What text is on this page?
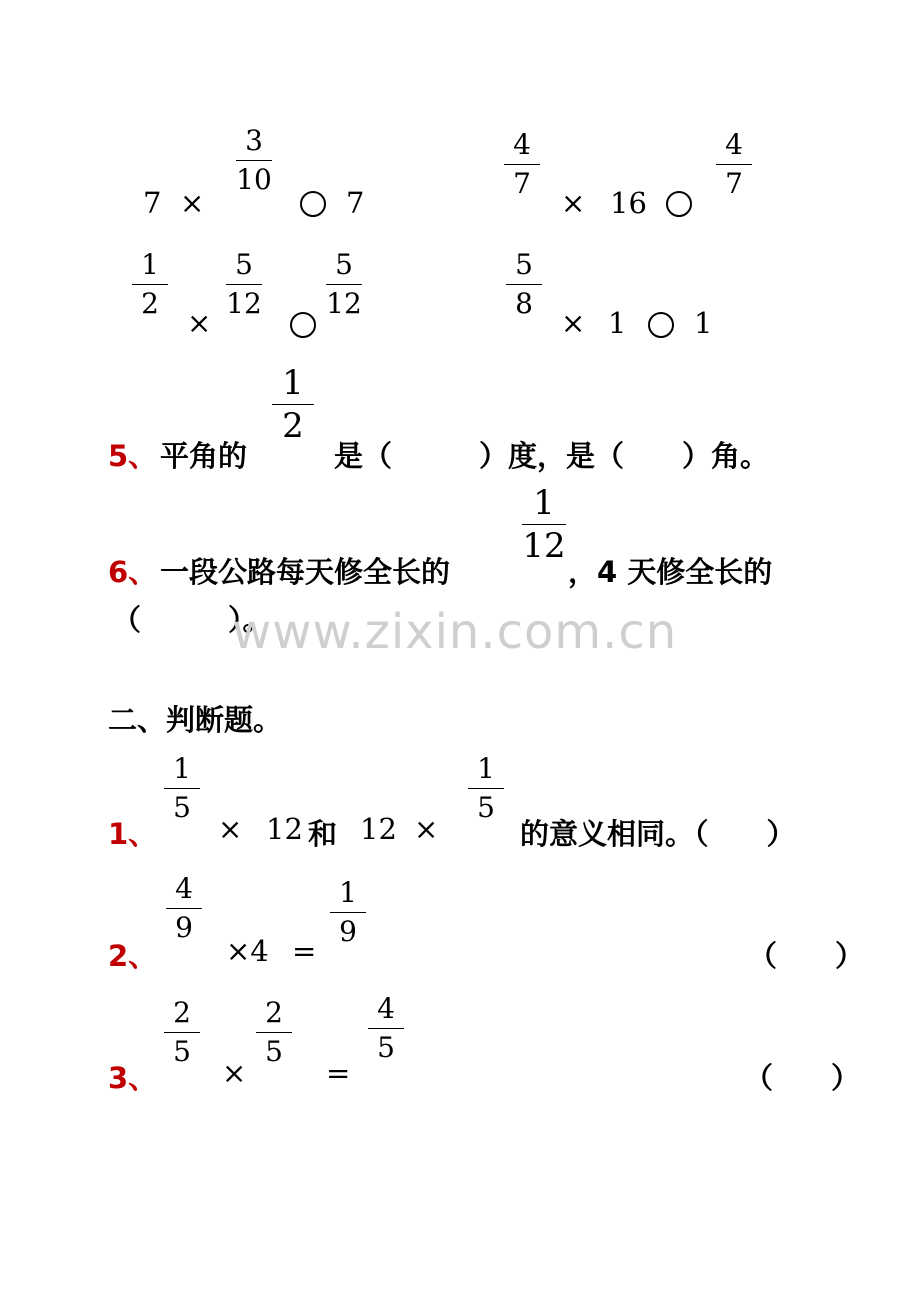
7 ×
3
10
7
4
7
× 16
4
7
1
2
×
5
12
5
12
5
8
× 1 1
5、 平角的
1
2
是（　　　）度，是（　　）角。
6、 一段公路每天修全长的
1
12
，4 天修全长的
（　　　）。
www.zixin.com.cn
二、判断题。
1、
1
5
× 12 和 12 ×
1
5
的意义相同。（　　）
2、
4
9
×4 =
1
9
（　　）
3、
2
5
×
2
5
=
4
5
（　　）
